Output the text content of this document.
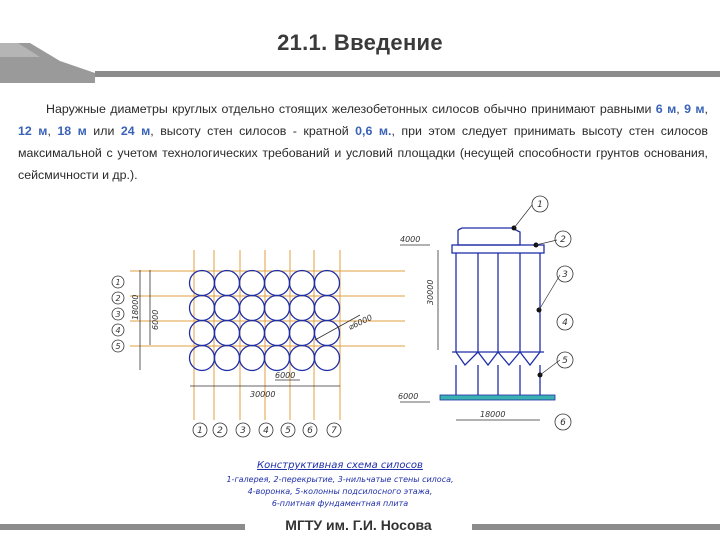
21.1. Введение
Наружные диаметры круглых отдельно стоящих железобетонных силосов обычно принимают равными 6 м, 9 м, 12 м, 18 м или 24 м, высоту стен силосов - кратной 0,6 м., при этом следует принимать высоту стен силосов максимальной с учетом технологических требований и условий площадки (несущей способности грунтов основания, сейсмичности и др.).
6000
30000
⌀6000
18000 6000
1
2
3
4
5
1 2 3 4 5 6 7
1
2
3
4
5
6
4000
30000
6000
18000
Конструктивная схема силосов
1-галерея, 2-перекрытие, 3-нильчатые стены силоса,
4-воронка, 5-колонны подсилосного этажа,
6-плитная фундаментная плита
МГТУ им. Г.И. Носова
